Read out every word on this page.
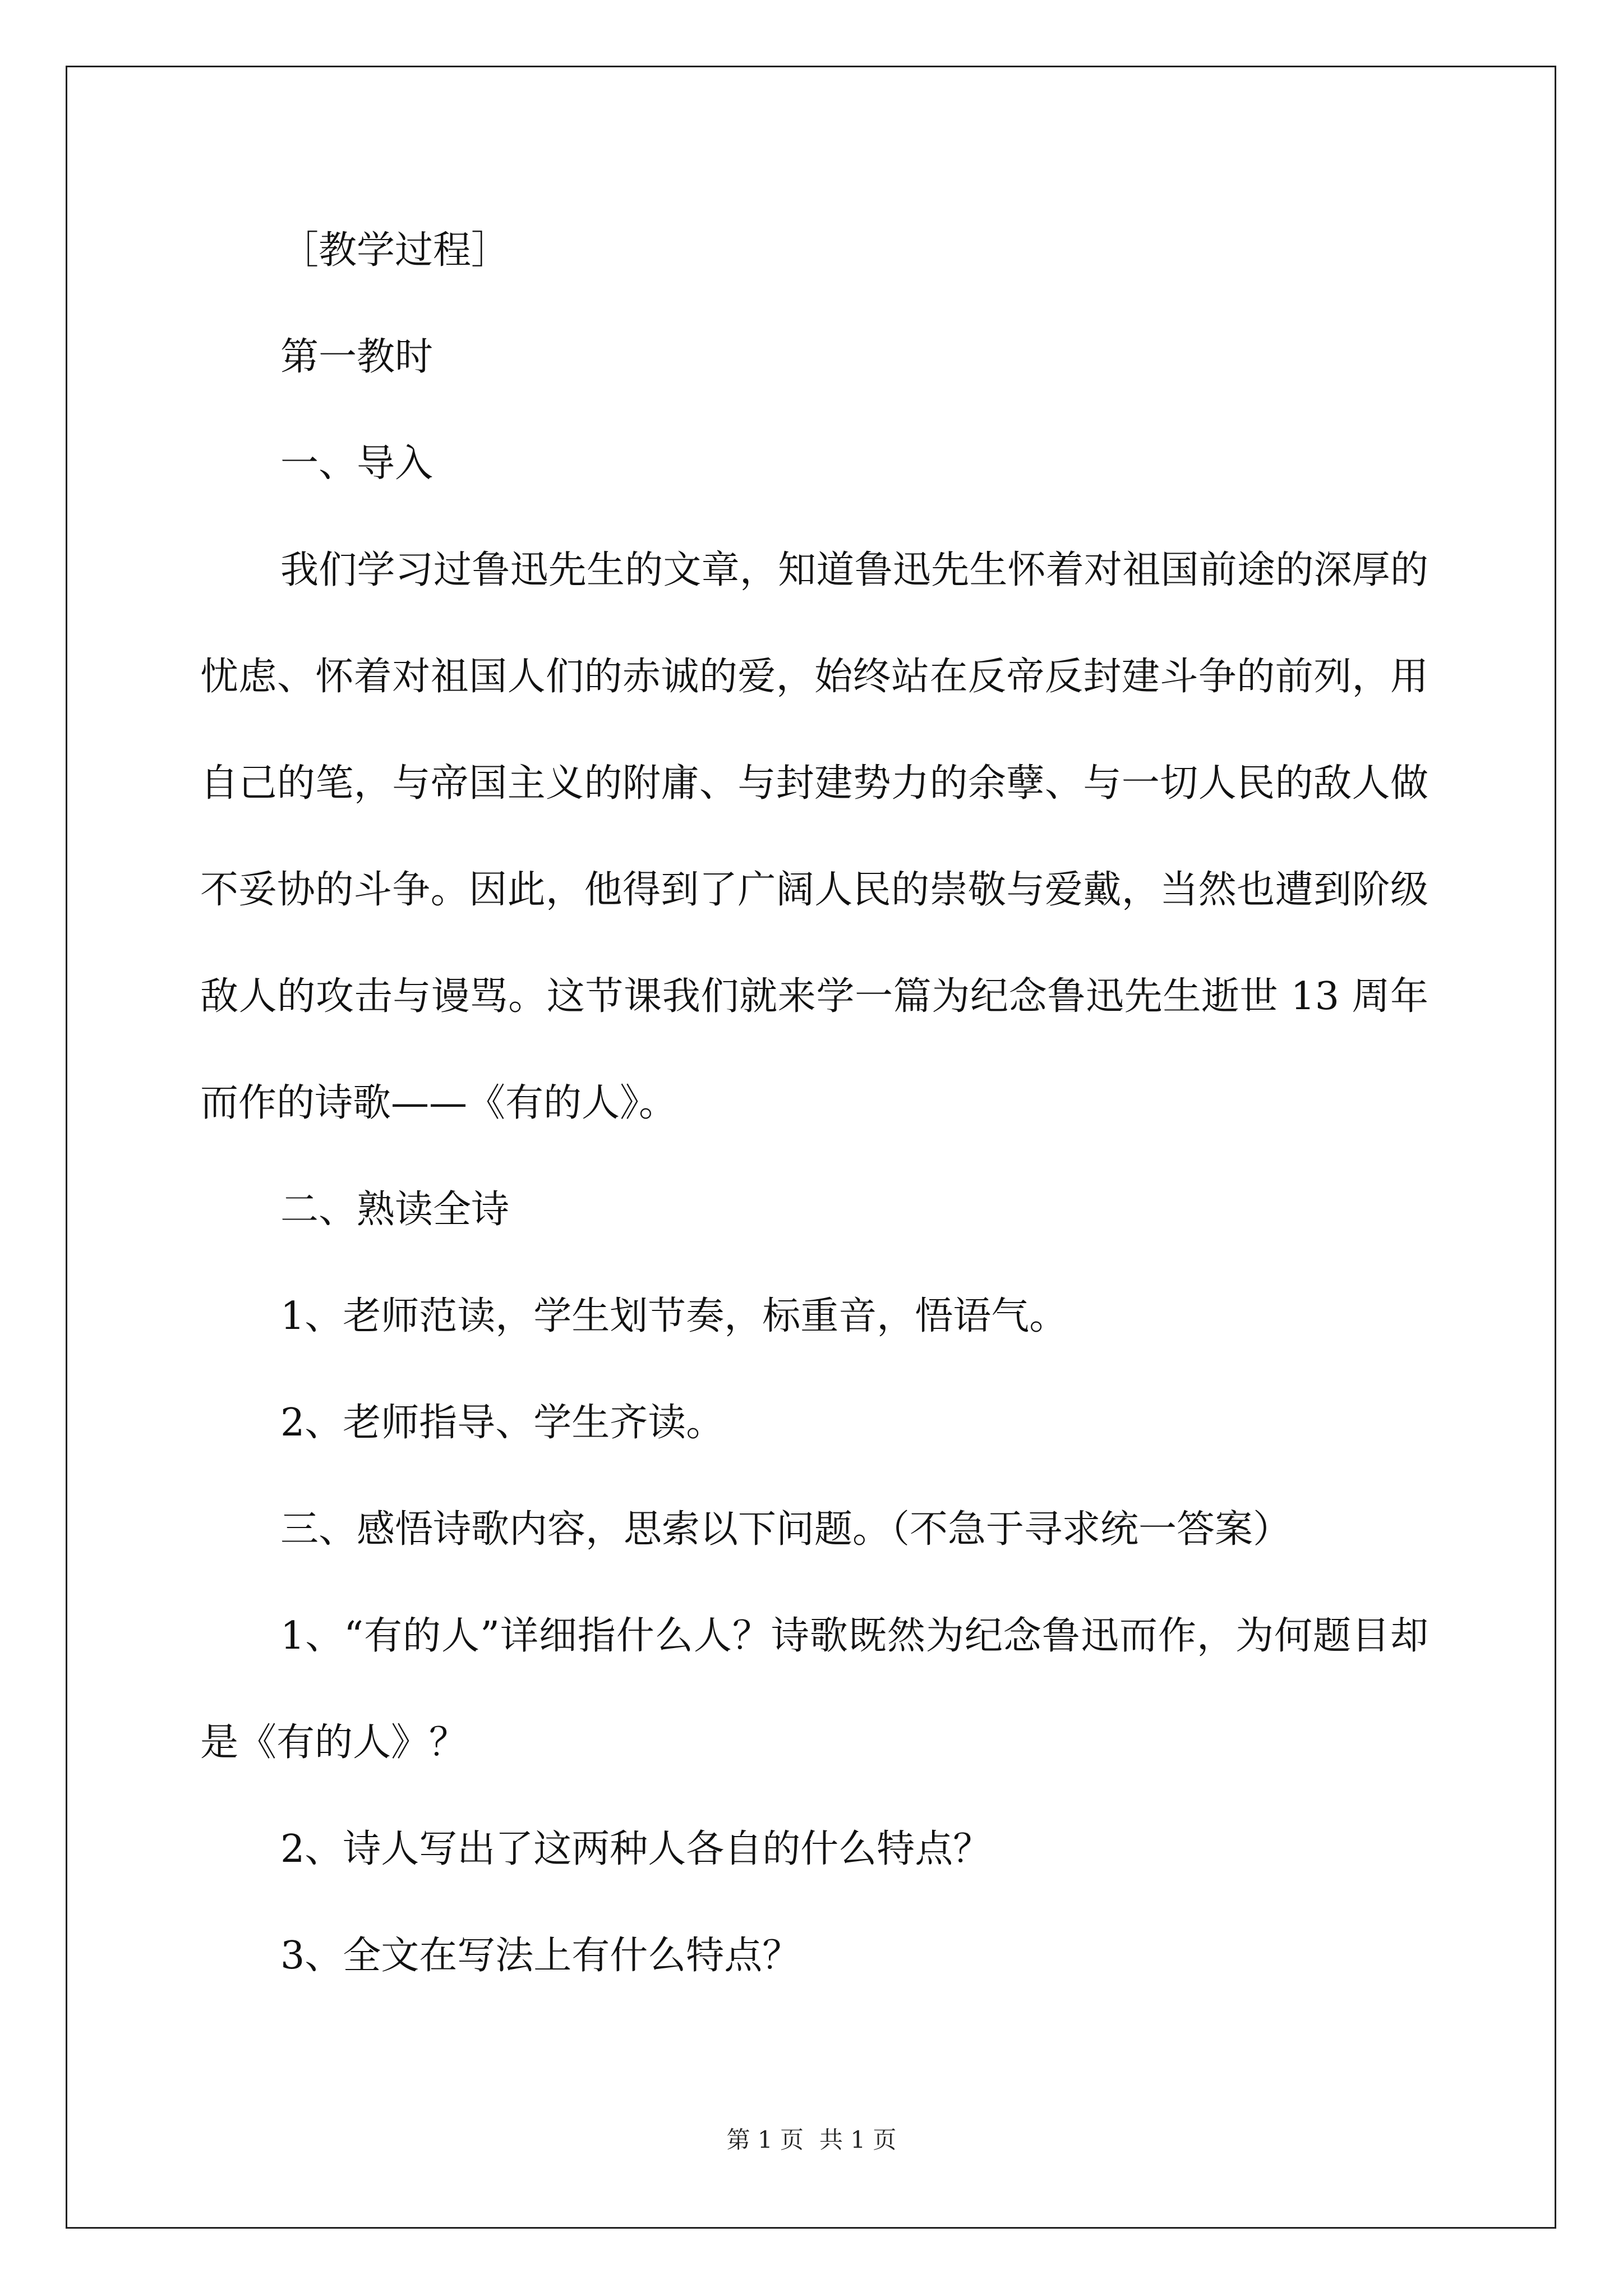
［教学过程］
第一教时
一、导入
我们学习过鲁迅先生的文章，知道鲁迅先生怀着对祖国前途的深厚的忧虑、怀着对祖国人们的赤诚的爱，始终站在反帝反封建斗争的前列，用自己的笔，与帝国主义的附庸、与封建势力的余孽、与一切人民的敌人做不妥协的斗争。因此，他得到了广阔人民的崇敬与爱戴，当然也遭到阶级敌人的攻击与谩骂。这节课我们就来学一篇为纪念鲁迅先生逝世 13 周年而作的诗歌——《有的人》。
二、熟读全诗
1、老师范读，学生划节奏，标重音，悟语气。
2、老师指导、学生齐读。
三、感悟诗歌内容，思索以下问题。（不急于寻求统一答案）
1、“有的人”详细指什么人？诗歌既然为纪念鲁迅而作，为何题目却是《有的人》？
2、诗人写出了这两种人各自的什么特点？
3、全文在写法上有什么特点？
第 1 页 共 1 页
